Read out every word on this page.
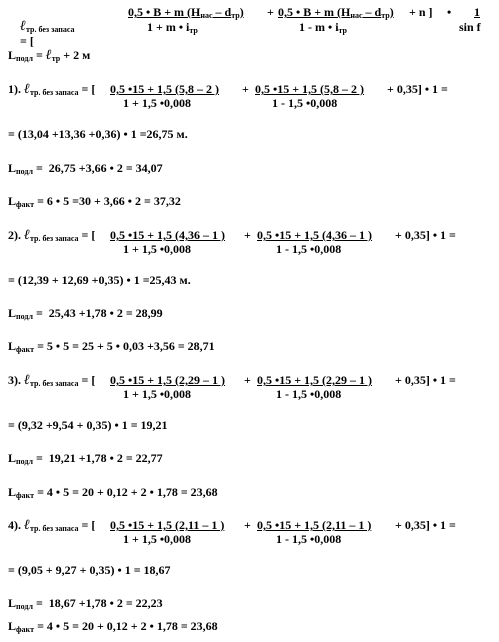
ℓ$_{тр. без запаса}$
= [

0,5 • B + m $(H_{нас} - d_{тр})$
1 + m • $i_{тр}$
+ 0,5 • B + m $(H_{нас} - d_{тр})$
1 - m • $i_{тр}$
+ n ] • 1
sin f
$L_{подл}$ = ℓ$_{тр}$ + 2 м
1). ℓ$_{тр. без запаса}$ = [ 0,5 •15 + 1,5 (5,8 – 2 )
1 + 1,5 •0,008
+ 0,5 •15 + 1,5 (5,8 – 2 )
1 - 1,5 •0,008
+ 0,35] • 1 =
= (13,04 +13,36 +0,36) • 1 =26,75 м.
$L_{подл} = 26,75 +3,66$ • 2 = 34,07
$L_{факт} = 6$ • 5 =30 + 3,66 • 2 = 37,32
2). ℓ$_{тр. без запаса}$ = [ 0,5 •15 + 1,5 (4,36 – 1 )
1 + 1,5 •0,008
+ 0,5 •15 + 1,5 (4,36 – 1 )
1 - 1,5 •0,008
+ 0,35] • 1 =
= (12,39 + 12,69 +0,35) • 1 =25,43 м.
$L_{подл} = 25,43 +1,78$ • 2 = 28,99
$L_{факт} = 5$ • 5 = 25 + 5 • 0,03 +3,56 = 28,71
3). ℓ$_{тр. без запаса}$ = [ 0,5 •15 + 1,5 (2,29 – 1 )
1 + 1,5 •0,008
+ 0,5 •15 + 1,5 (2,29 – 1 )
1 - 1,5 •0,008
+ 0,35] • 1 =
= (9,32 +9,54 + 0,35) • 1 = 19,21
$L_{подл} = 19,21 +1,78$ • 2 = 22,77
$L_{факт} = 4$ • 5 = 20 + 0,12 + 2 • 1,78 = 23,68
4). ℓ$_{тр. без запаса}$ = [ 0,5 •15 + 1,5 (2,11 – 1 )
1 + 1,5 •0,008
+ 0,5 •15 + 1,5 (2,11 – 1 )
1 - 1,5 •0,008
+ 0,35] • 1 =
= (9,05 + 9,27 + 0,35) • 1 = 18,67
$L_{подл} = 18,67 +1,78$ • 2 = 22,23
$L_{факт} = 4$ • 5 = 20 + 0,12 + 2 • 1,78 = 23,68
